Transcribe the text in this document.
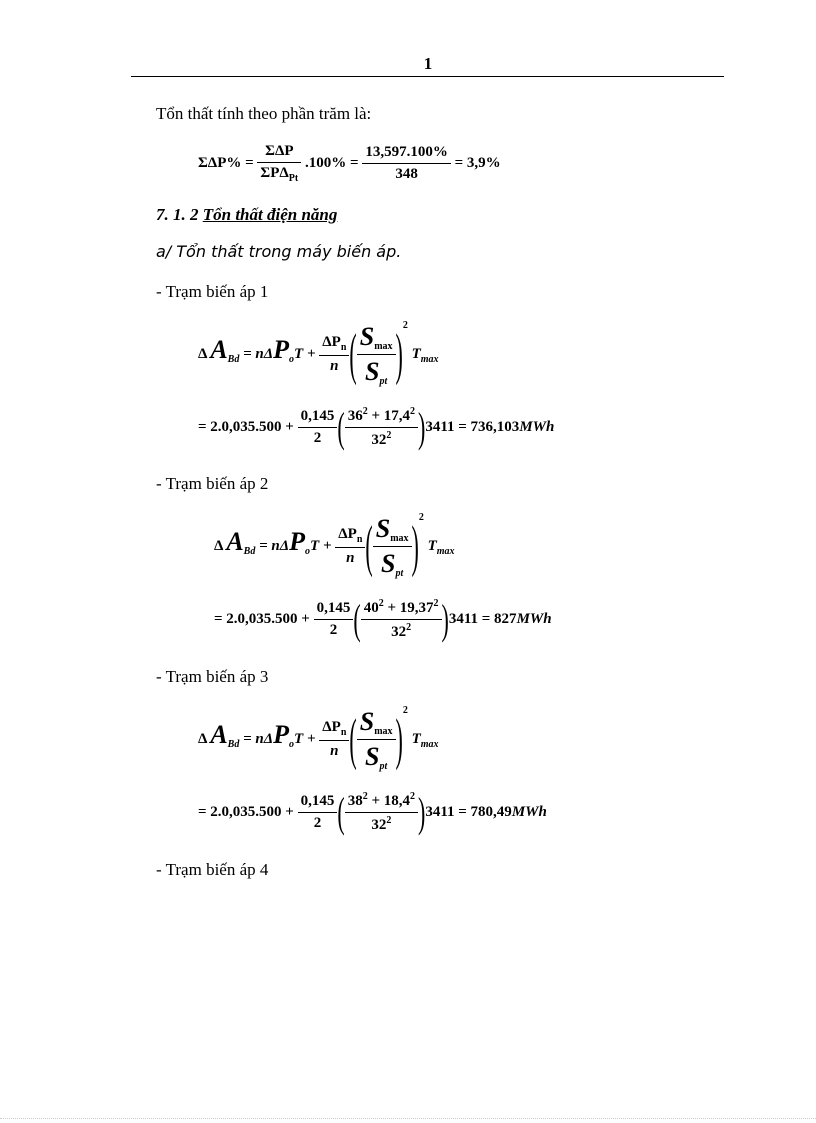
1
Tổn thất tính theo phần trăm là:
$\Sigma\Delta P\% = \frac{\text{ΣΔP}}{\Sigma P\Delta_{Pt}} .100\% = \frac{13,597.100\%}{348} = 3,9\%$
7. 1. 2 Tổn thất điện năng
a/ Tổn thất trong máy biến áp.
- Trạm biến áp 1
Δ $A_{Bd} = n\Delta P_oT + \frac{\Delta P_n}{n}$ ( $\frac{S_{max}}{S_{pt}} )^2$ $T_{max}$
= $2.0,035.500 + \frac{0,145}{2}$ ( $\frac{36^2 + 17,4^2}{32^2} )3411 = 736,103MWh$
- Trạm biến áp 2
Δ $A_{Bd} = n\Delta P_oT + \frac{\Delta P_n}{n}$ ( $\frac{S_{max}}{S_{pt}} )^2$ $T_{max}$
= $2.0,035.500 + \frac{0,145}{2}$ ( $\frac{40^2 + 19,37^2}{32^2} )3411 = 827MWh$
- Trạm biến áp 3
Δ $A_{Bd} = n\Delta P_oT + \frac{\Delta P_n}{n}$ ( $\frac{S_{max}}{S_{pt}} )^2$ $T_{max}$
= $2.0,035.500 + \frac{0,145}{2}$ ( $\frac{38^2 + 18,4^2}{32^2} )3411 = 780,49MWh$
- Trạm biến áp 4
